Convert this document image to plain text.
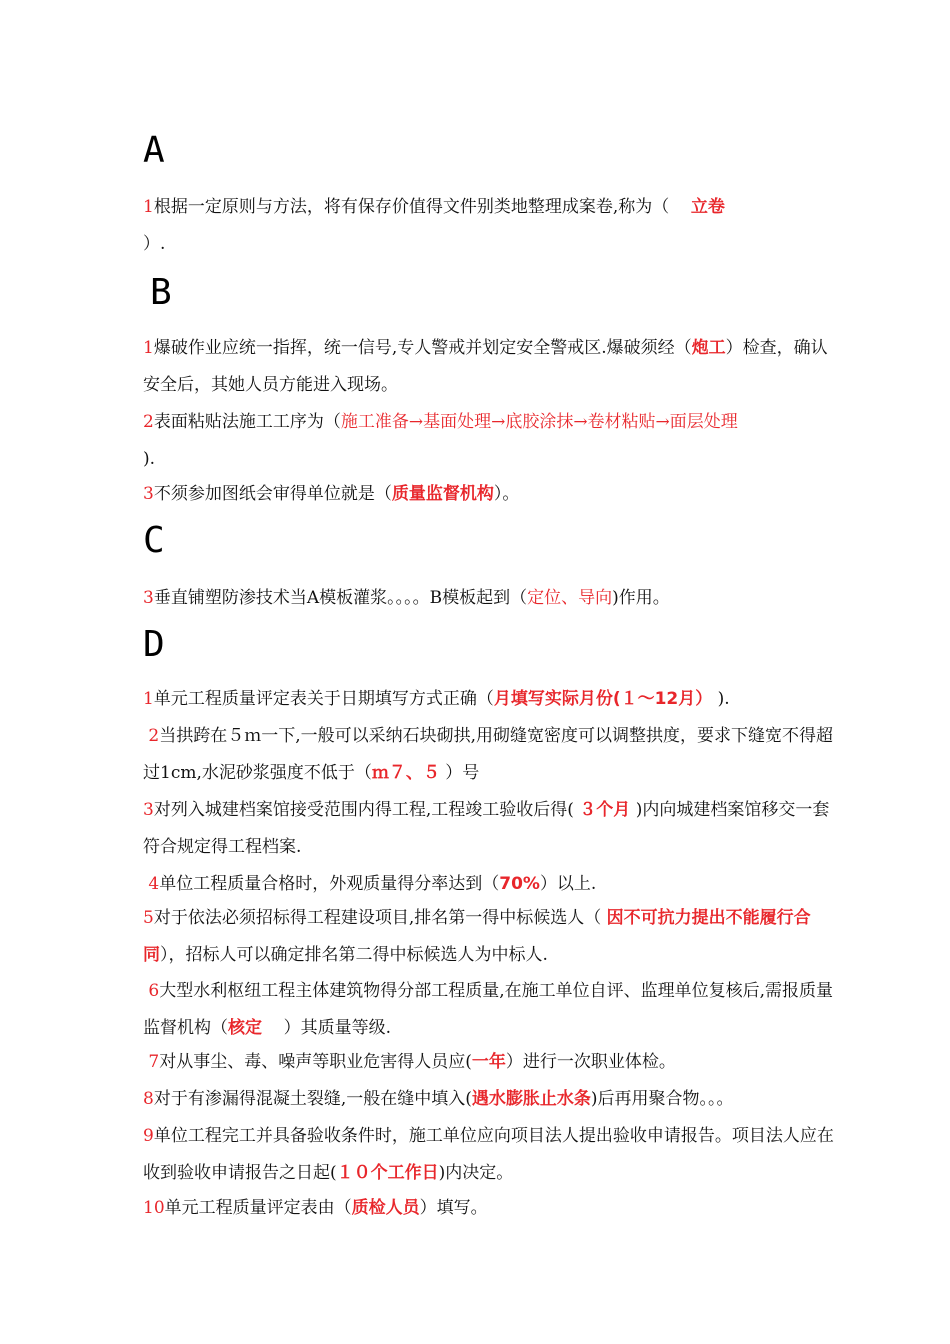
A
1根据一定原则与方法，将有保存价值得文件别类地整理成案卷,称为（ 立卷
）.
B
1爆破作业应统一指挥，统一信号,专人警戒并划定安全警戒区.爆破须经（炮工）检查，确认安全后，其她人员方能进入现场。
2表面粘贴法施工工序为（施工准备→基面处理→底胶涂抹→卷材粘贴→面层处理
).
3不须参加图纸会审得单位就是（质量监督机构）。
C
3垂直铺塑防渗技术当A模板灌浆。。。。B模板起到（定位、导向)作用。
D
1单元工程质量评定表关于日期填写方式正确（月填写实际月份(１～12月） ).
2当拱跨在５ｍ一下,一般可以采纳石块砌拱,用砌缝宽密度可以调整拱度，要求下缝宽不得超过1cm,水泥砂浆强度不低于（ｍ７、５ ）号
3对列入城建档案馆接受范围内得工程,工程竣工验收后得( ３个月 )内向城建档案馆移交一套符合规定得工程档案.
4单位工程质量合格时，外观质量得分率达到（70%）以上.
5对于依法必须招标得工程建设项目,排名第一得中标候选人（ 因不可抗力提出不能履行合同），招标人可以确定排名第二得中标候选人为中标人.
6大型水利枢纽工程主体建筑物得分部工程质量,在施工单位自评、监理单位复核后,需报质量监督机构（核定 ）其质量等级.
7对从事尘、毒、噪声等职业危害得人员应(一年）进行一次职业体检。
8对于有渗漏得混凝土裂缝,一般在缝中填入(遇水膨胀止水条)后再用聚合物。。。
9单位工程完工并具备验收条件时，施工单位应向项目法人提出验收申请报告。项目法人应在收到验收申请报告之日起(１０个工作日)内决定。
10单元工程质量评定表由（质检人员）填写。
